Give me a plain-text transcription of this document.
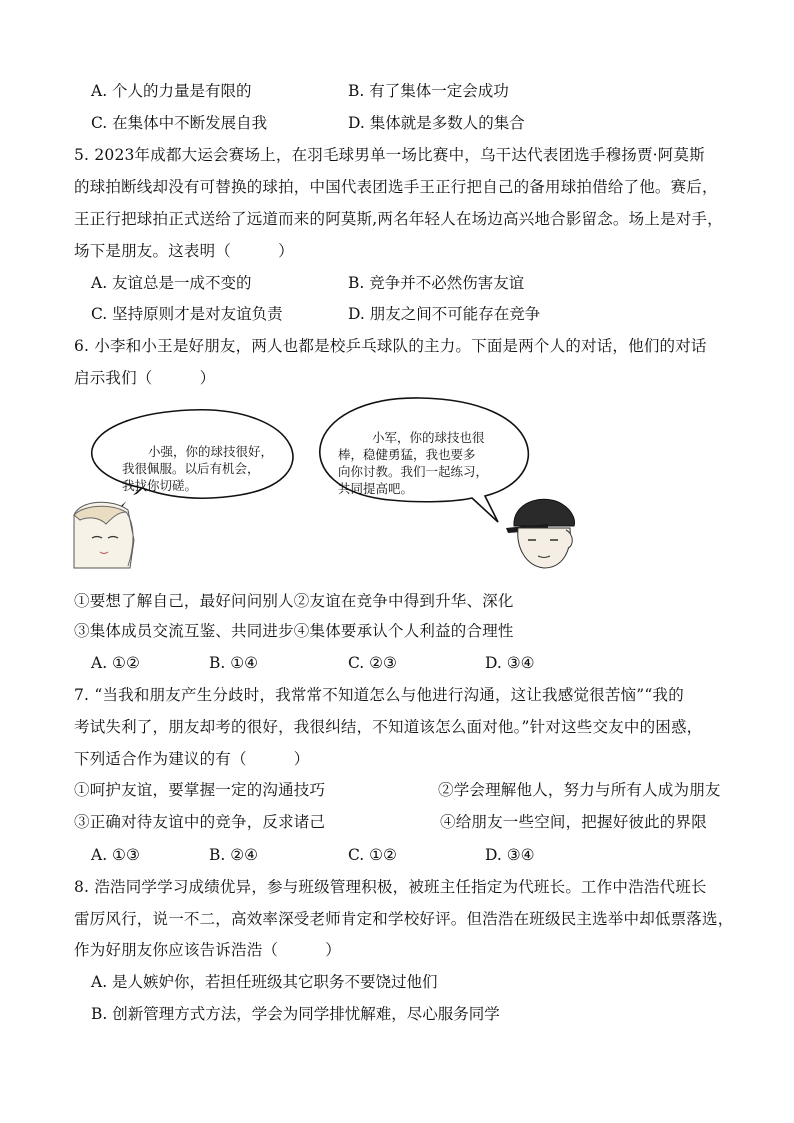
A. 个人的力量是有限的	B. 有了集体一定会成功
C. 在集体中不断发展自我	D. 集体就是多数人的集合
5. 2023年成都大运会赛场上，在羽毛球男单一场比赛中，乌干达代表团选手穆扬贾·阿莫斯
的球拍断线却没有可替换的球拍，中国代表团选手王正行把自己的备用球拍借给了他。赛后，
王正行把球拍正式送给了远道而来的阿莫斯,两名年轻人在场边高兴地合影留念。场上是对手，
场下是朋友。这表明（　　　）
A. 友谊总是一成不变的	B. 竞争并不必然伤害友谊
C. 坚持原则才是对友谊负责	D. 朋友之间不可能存在竞争
6. 小李和小王是好朋友，两人也都是校乒乓球队的主力。下面是两个人的对话，他们的对话
启示我们（　　　）
小强，你的球技很好，
我很佩服。以后有机会，
我找你切磋。
小军，你的球技也很
棒，稳健勇猛，我也要多
向你讨教。我们一起练习，
共同提高吧。
①要想了解自己，最好问问别人②友谊在竞争中得到升华、深化
③集体成员交流互鉴、共同进步④集体要承认个人利益的合理性
A. ①②	B. ①④	C. ②③	D. ③④
7. “当我和朋友产生分歧时，我常常不知道怎么与他进行沟通，这让我感觉很苦恼”“我的
考试失利了，朋友却考的很好，我很纠结，不知道该怎么面对他。”针对这些交友中的困惑，
下列适合作为建议的有（　　　）
①呵护友谊，要掌握一定的沟通技巧	②学会理解他人，努力与所有人成为朋友
③正确对待友谊中的竞争，反求诸己	④给朋友一些空间，把握好彼此的界限
A. ①③	B. ②④	C. ①②	D. ③④
8. 浩浩同学学习成绩优异，参与班级管理积极，被班主任指定为代班长。工作中浩浩代班长
雷厉风行，说一不二，高效率深受老师肯定和学校好评。但浩浩在班级民主选举中却低票落选，
作为好朋友你应该告诉浩浩（　　　）
A. 是人嫉妒你，若担任班级其它职务不要饶过他们
B. 创新管理方式方法，学会为同学排忧解难，尽心服务同学
